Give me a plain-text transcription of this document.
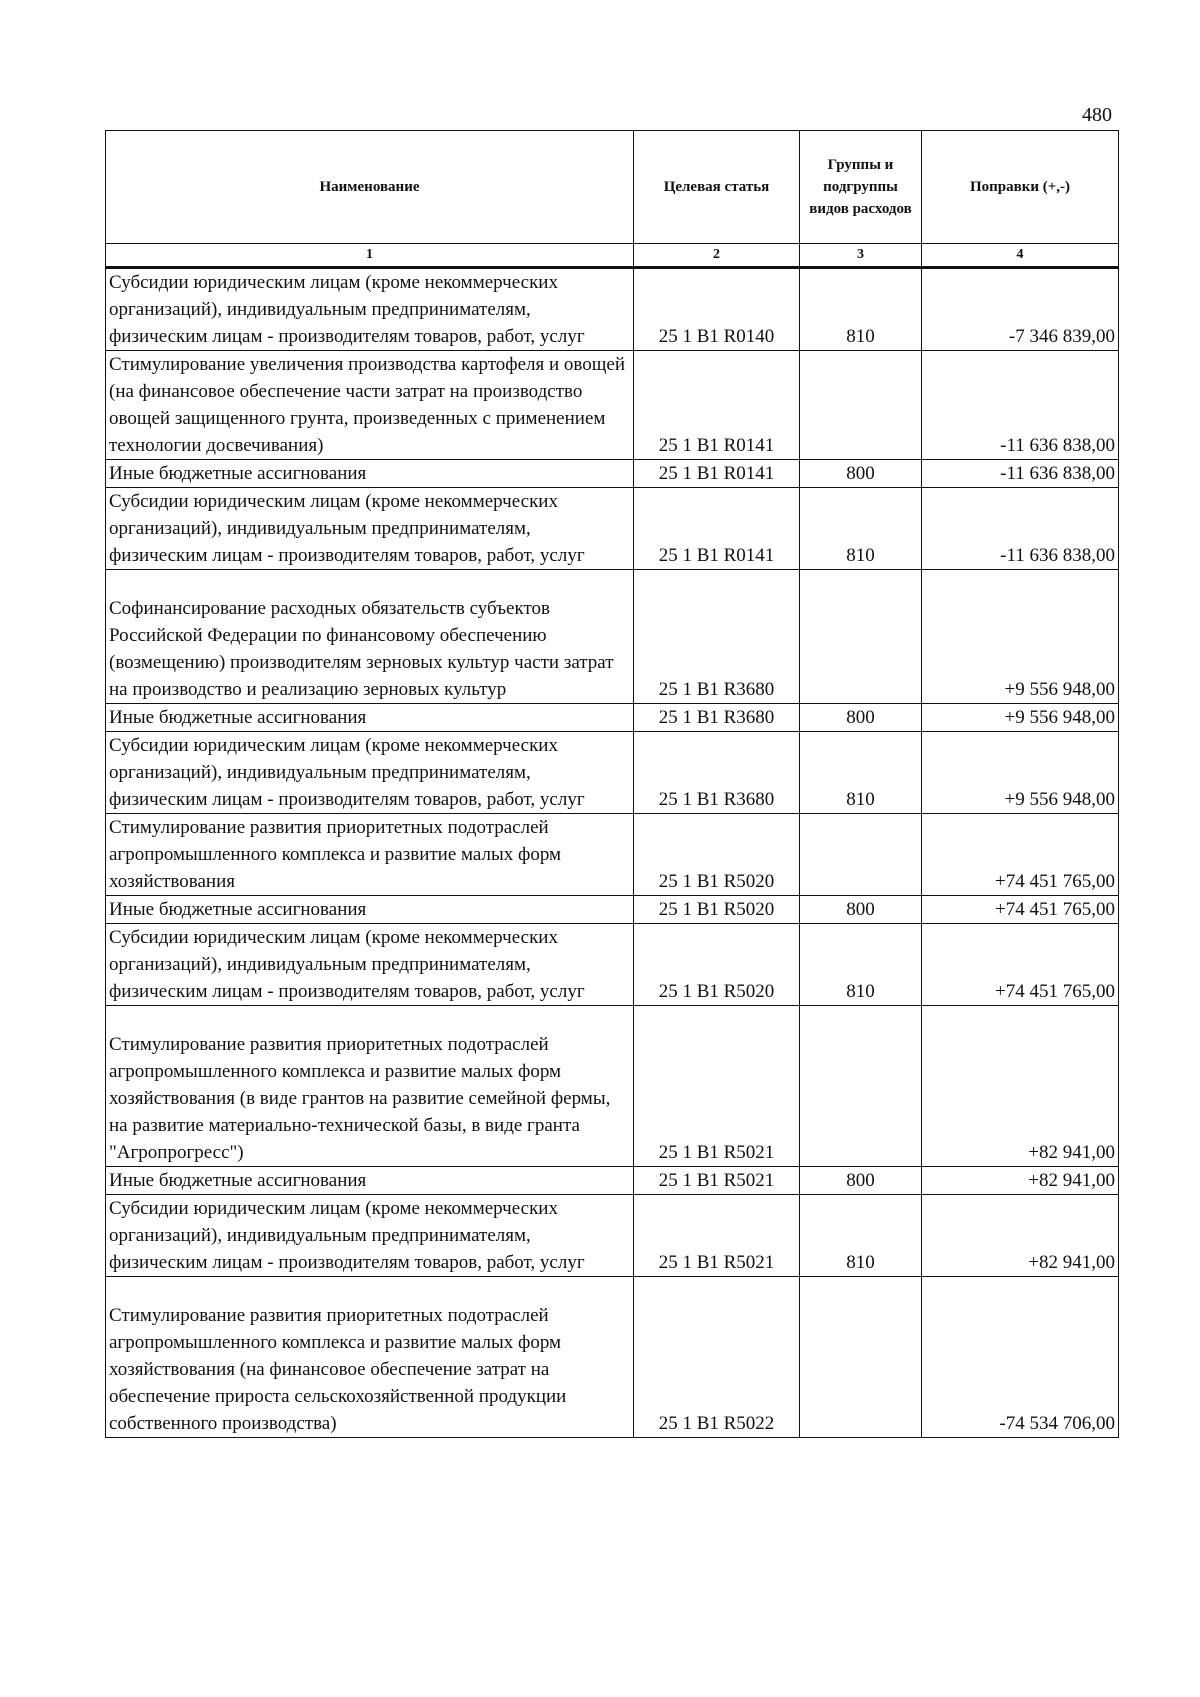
480
Наименование	Целевая статья	Группы и подгруппы видов расходов	Поправки (+,-)
1	2	3	4
Субсидии юридическим лицам (кроме некоммерческих организаций), индивидуальным предпринимателям, физическим лицам - производителям товаров, работ, услуг	25 1 B1 R0140	810	-7 346 839,00
Стимулирование увеличения производства картофеля и овощей (на финансовое обеспечение части затрат на производство овощей защищенного грунта, произведенных с применением технологии досвечивания)	25 1 B1 R0141		-11 636 838,00
Иные бюджетные ассигнования	25 1 B1 R0141	800	-11 636 838,00
Субсидии юридическим лицам (кроме некоммерческих организаций), индивидуальным предпринимателям, физическим лицам - производителям товаров, работ, услуг	25 1 B1 R0141	810	-11 636 838,00
Софинансирование расходных обязательств субъектов Российской Федерации по финансовому обеспечению (возмещению) производителям зерновых культур части затрат на производство и реализацию зерновых культур	25 1 B1 R3680		+9 556 948,00
Иные бюджетные ассигнования	25 1 B1 R3680	800	+9 556 948,00
Субсидии юридическим лицам (кроме некоммерческих организаций), индивидуальным предпринимателям, физическим лицам - производителям товаров, работ, услуг	25 1 B1 R3680	810	+9 556 948,00
Стимулирование развития приоритетных подотраслей агропромышленного комплекса и развитие малых форм хозяйствования	25 1 B1 R5020		+74 451 765,00
Иные бюджетные ассигнования	25 1 B1 R5020	800	+74 451 765,00
Субсидии юридическим лицам (кроме некоммерческих организаций), индивидуальным предпринимателям, физическим лицам - производителям товаров, работ, услуг	25 1 B1 R5020	810	+74 451 765,00
Стимулирование развития приоритетных подотраслей агропромышленного комплекса и развитие малых форм хозяйствования (в виде грантов на развитие семейной фермы, на развитие материально-технической базы, в виде гранта "Агропрогресс")	25 1 B1 R5021		+82 941,00
Иные бюджетные ассигнования	25 1 B1 R5021	800	+82 941,00
Субсидии юридическим лицам (кроме некоммерческих организаций), индивидуальным предпринимателям, физическим лицам - производителям товаров, работ, услуг	25 1 B1 R5021	810	+82 941,00
Стимулирование развития приоритетных подотраслей агропромышленного комплекса и развитие малых форм хозяйствования (на финансовое обеспечение затрат на обеспечение прироста сельскохозяйственной продукции собственного производства)	25 1 B1 R5022		-74 534 706,00
